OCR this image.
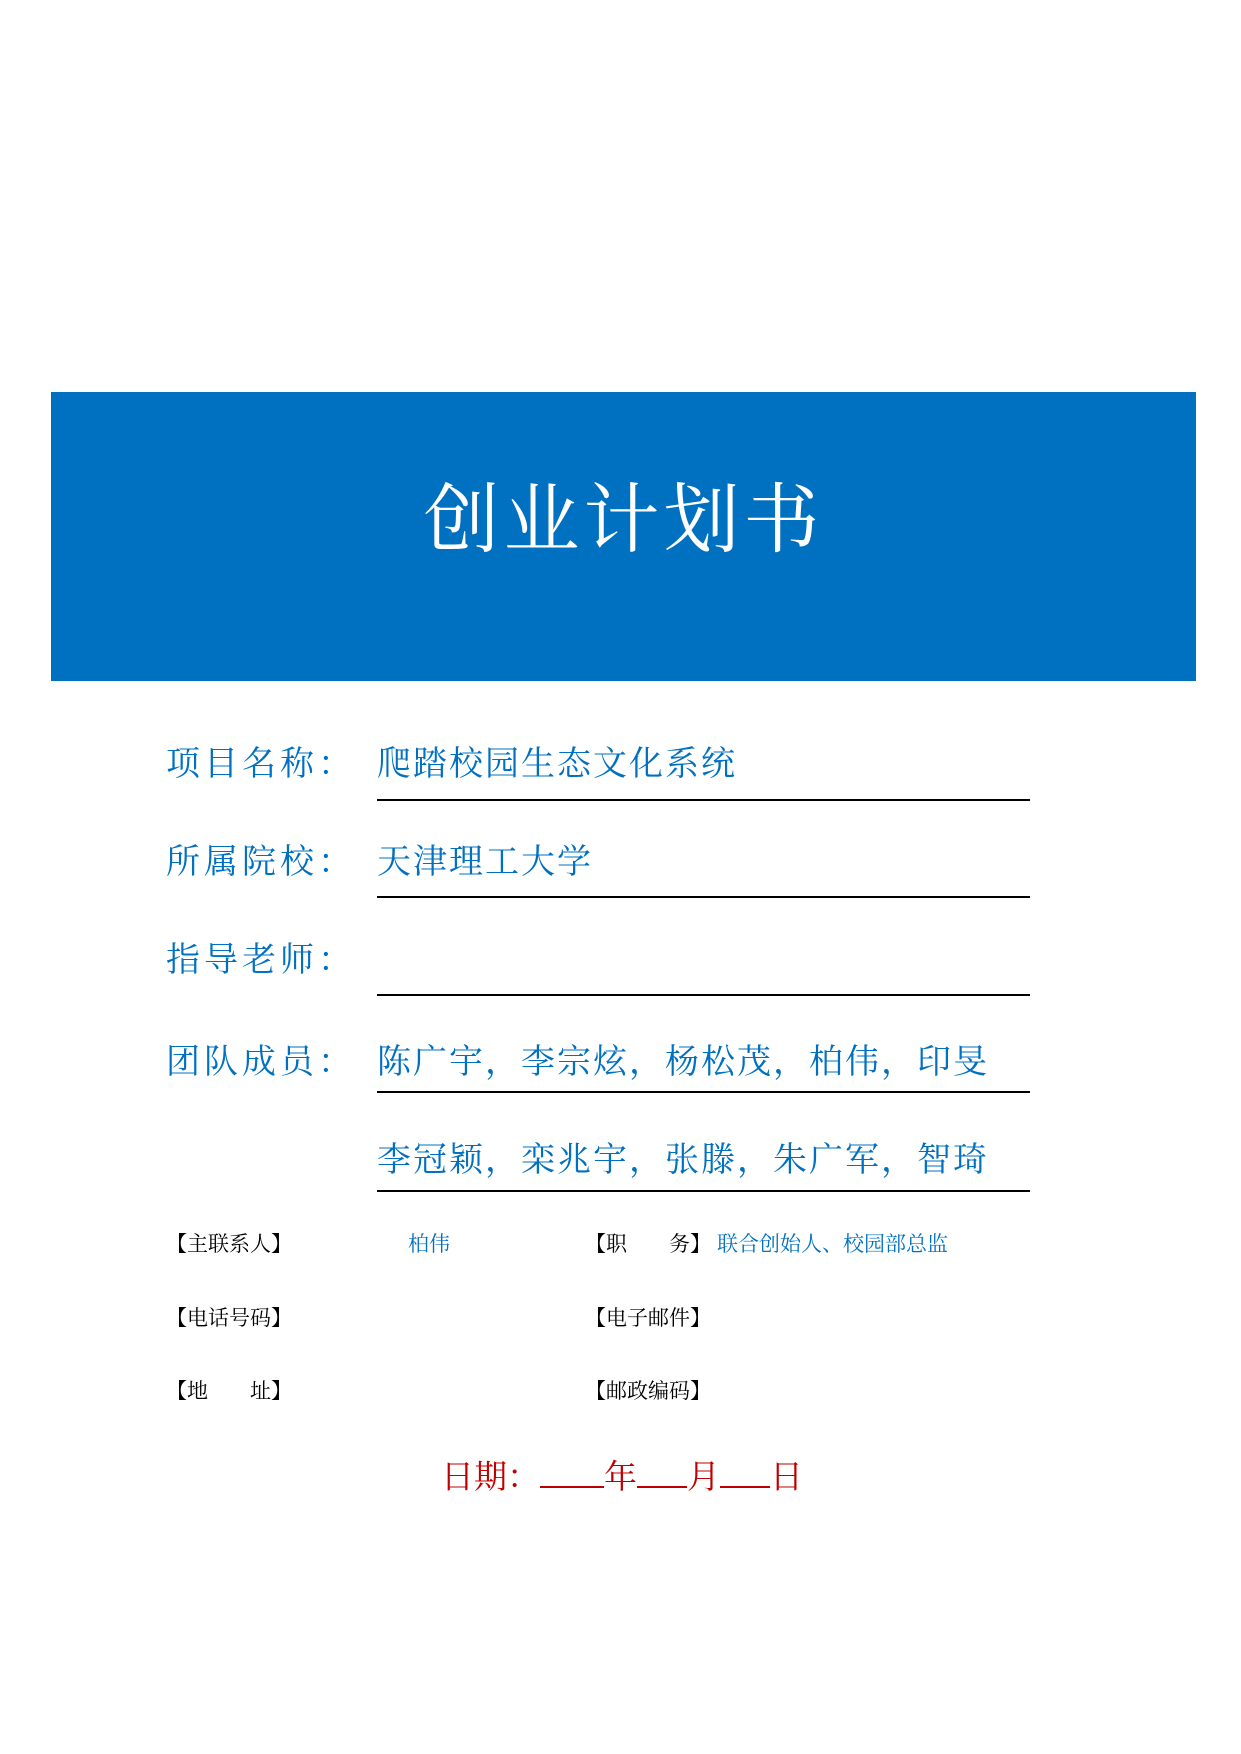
创业计划书
项目名称： 爬踏校园生态文化系统
所属院校： 天津理工大学
指导老师：
团队成员： 陈广宇，李宗炫，杨松茂，柏伟，印旻
李冠颖，栾兆宇，张滕，朱广军，智琦
【主联系人】	柏伟	【职　　务】 联合创始人、校园部总监
【电话号码】	【电子邮件】
【地　　址】	【邮政编码】
日期： 年 月 日
